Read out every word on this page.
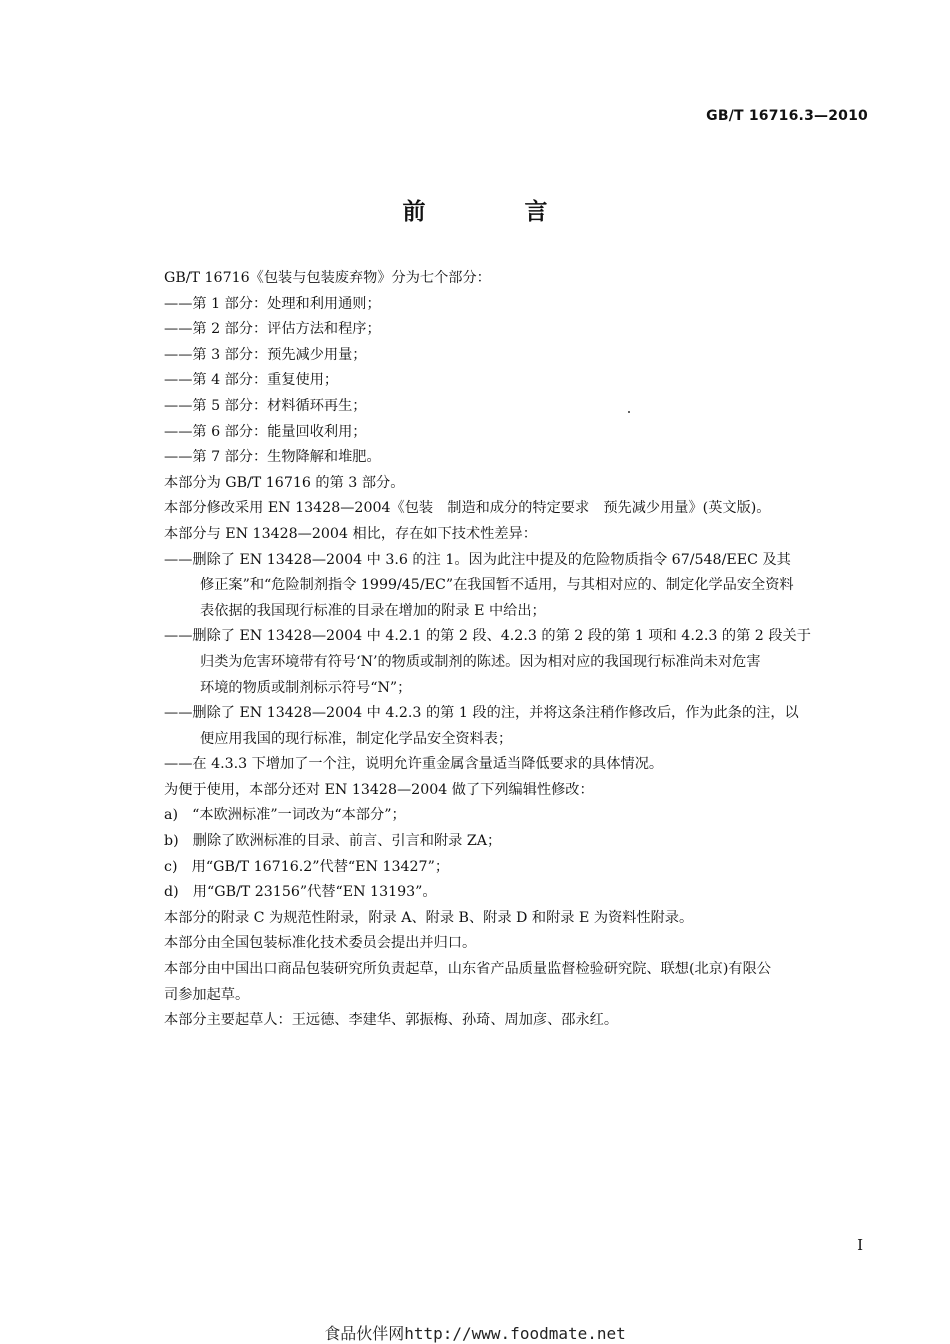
GB/T 16716.3—2010
前　言
GB/T 16716《包装与包装废弃物》分为七个部分：
——第 1 部分：处理和利用通则；
——第 2 部分：评估方法和程序；
——第 3 部分：预先减少用量；
——第 4 部分：重复使用；
——第 5 部分：材料循环再生；
——第 6 部分：能量回收利用；
——第 7 部分：生物降解和堆肥。
本部分为 GB/T 16716 的第 3 部分。
本部分修改采用 EN 13428—2004《包装　制造和成分的特定要求　预先减少用量》(英文版)。
本部分与 EN 13428—2004 相比，存在如下技术性差异：
——删除了 EN 13428—2004 中 3.6 的注 1。因为此注中提及的危险物质指令 67/548/EEC 及其
修正案”和“危险制剂指令 1999/45/EC”在我国暂不适用，与其相对应的、制定化学品安全资料
表依据的我国现行标准的目录在增加的附录 E 中给出；
——删除了 EN 13428—2004 中 4.2.1 的第 2 段、4.2.3 的第 2 段的第 1 项和 4.2.3 的第 2 段关于
归类为危害环境带有符号‘N’的物质或制剂的陈述。因为相对应的我国现行标准尚未对危害
环境的物质或制剂标示符号“N”；
——删除了 EN 13428—2004 中 4.2.3 的第 1 段的注，并将这条注稍作修改后，作为此条的注，以
便应用我国的现行标准，制定化学品安全资料表；
——在 4.3.3 下增加了一个注，说明允许重金属含量适当降低要求的具体情况。
为便于使用，本部分还对 EN 13428—2004 做了下列编辑性修改：
a)　“本欧洲标准”一词改为“本部分”；
b)　删除了欧洲标准的目录、前言、引言和附录 ZA；
c)　用“GB/T 16716.2”代替“EN 13427”；
d)　用“GB/T 23156”代替“EN 13193”。
本部分的附录 C 为规范性附录，附录 A、附录 B、附录 D 和附录 E 为资料性附录。
本部分由全国包装标准化技术委员会提出并归口。
本部分由中国出口商品包装研究所负责起草，山东省产品质量监督检验研究院、联想(北京)有限公
司参加起草。
本部分主要起草人：王远德、李建华、郭振梅、孙琦、周加彦、邵永红。
I
食品伙伴网http://www.foodmate.net
